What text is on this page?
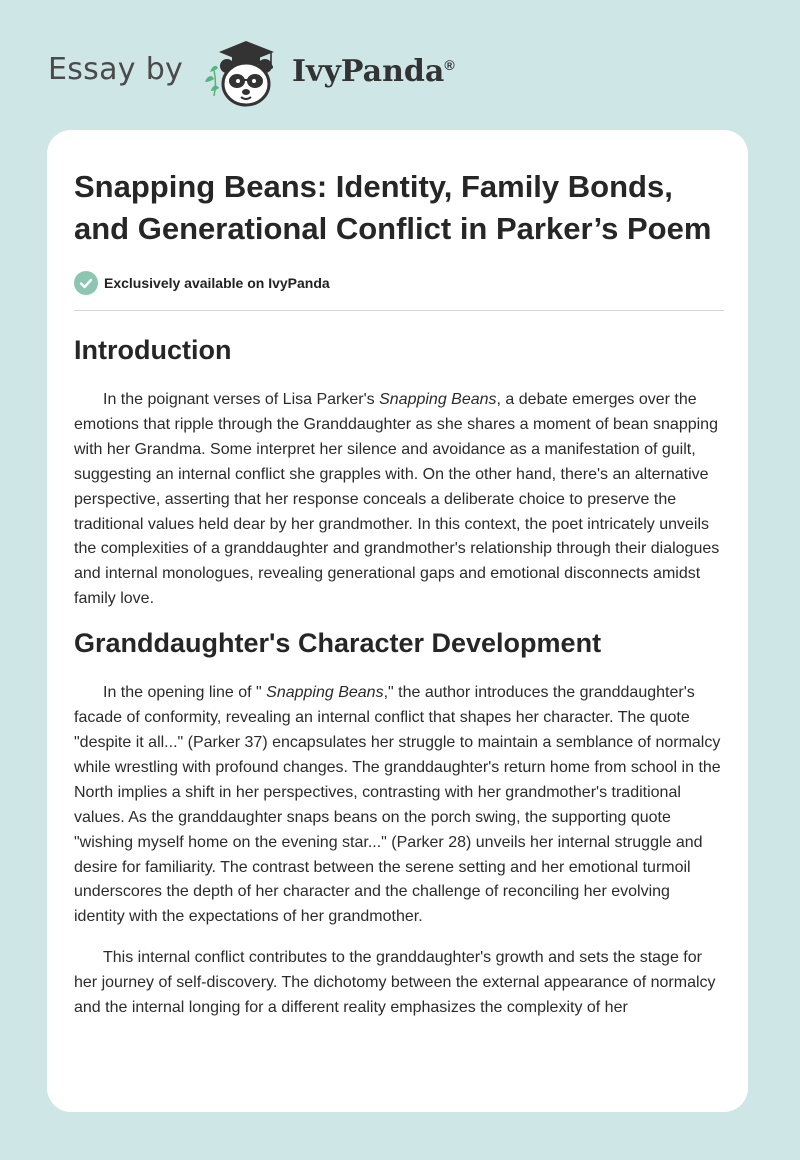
Essay by	IvyPanda®
Snapping Beans: Identity, Family Bonds, and Generational Conflict in Parker’s Poem
Exclusively available on IvyPanda
Introduction

In the poignant verses of Lisa Parker's Snapping Beans, a debate emerges over the emotions that ripple through the Granddaughter as she shares a moment of bean snapping with her Grandma. Some interpret her silence and avoidance as a manifestation of guilt, suggesting an internal conflict she grapples with. On the other hand, there's an alternative perspective, asserting that her response conceals a deliberate choice to preserve the traditional values held dear by her grandmother. In this context, the poet intricately unveils the complexities of a granddaughter and grandmother's relationship through their dialogues and internal monologues, revealing generational gaps and emotional disconnects amidst family love.

Granddaughter's Character Development

In the opening line of " Snapping Beans," the author introduces the granddaughter's facade of conformity, revealing an internal conflict that shapes her character. The quote "despite it all..." (Parker 37) encapsulates her struggle to maintain a semblance of normalcy while wrestling with profound changes. The granddaughter's return home from school in the North implies a shift in her perspectives, contrasting with her grandmother's traditional values. As the granddaughter snaps beans on the porch swing, the supporting quote "wishing myself home on the evening star..." (Parker 28) unveils her internal struggle and desire for familiarity. The contrast between the serene setting and her emotional turmoil underscores the depth of her character and the challenge of reconciling her evolving identity with the expectations of her grandmother.

This internal conflict contributes to the granddaughter's growth and sets the stage for her journey of self-discovery. The dichotomy between the external appearance of normalcy and the internal longing for a different reality emphasizes the complexity of her
